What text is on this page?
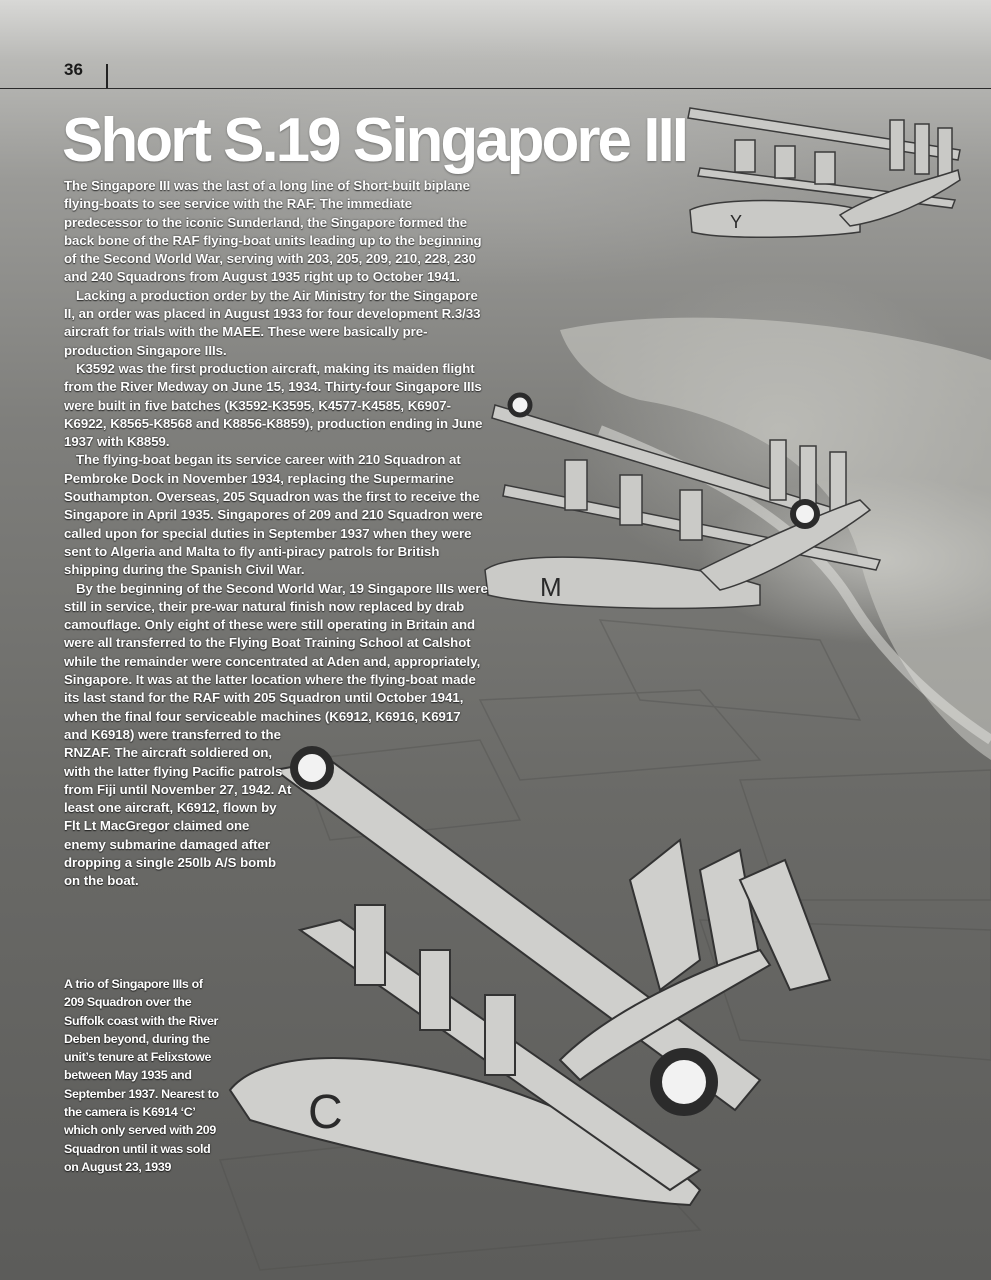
Y
M
C
36
Short S.19 Singapore III

The Singapore III was the last of a long line of Short-built biplane flying-boats to see service with the RAF. The immediate predecessor to the iconic Sunderland, the Singapore formed the back bone of the RAF flying-boat units leading up to the beginning of the Second World War, serving with 203, 205, 209, 210, 228, 230 and 240 Squadrons from August 1935 right up to October 1941.

Lacking a production order by the Air Ministry for the Singapore II, an order was placed in August 1933 for four development R.3/33 aircraft for trials with the MAEE. These were basically pre-production Singapore IIIs.

K3592 was the first production aircraft, making its maiden flight from the River Medway on June 15, 1934. Thirty-four Singapore IIIs were built in five batches (K3592-K3595, K4577-K4585, K6907-K6922, K8565-K8568 and K8856-K8859), production ending in June 1937 with K8859.

The flying-boat began its service career with 210 Squadron at Pembroke Dock in November 1934, replacing the Supermarine Southampton. Overseas, 205 Squadron was the first to receive the Singapore in April 1935. Singapores of 209 and 210 Squadron were called upon for special duties in September 1937 when they were sent to Algeria and Malta to fly anti-piracy patrols for British shipping during the Spanish Civil War.

By the beginning of the Second World War, 19 Singapore IIIs were still in service, their pre-war natural finish now replaced by drab camouflage. Only eight of these were still operating in Britain and were all transferred to the Flying Boat Training School at Calshot while the remainder were concentrated at Aden and, appropriately, Singapore. It was at the latter location where the flying-boat made its last stand for the RAF with 205 Squadron until October 1941, when the final four serviceable machines (K6912, K6916, K6917

and K6918) were transferred to the RNZAF. The aircraft soldiered on, with the latter flying Pacific patrols from Fiji until November 27, 1942. At least one aircraft, K6912, flown by Flt Lt MacGregor claimed one enemy submarine damaged after dropping a single 250lb A/S bomb on the boat.

A trio of Singapore IIIs of 209 Squadron over the Suffolk coast with the River Deben beyond, during the unit’s tenure at Felixstowe between May 1935 and September 1937. Nearest to the camera is K6914 ‘C’ which only served with 209 Squadron until it was sold on August 23, 1939
